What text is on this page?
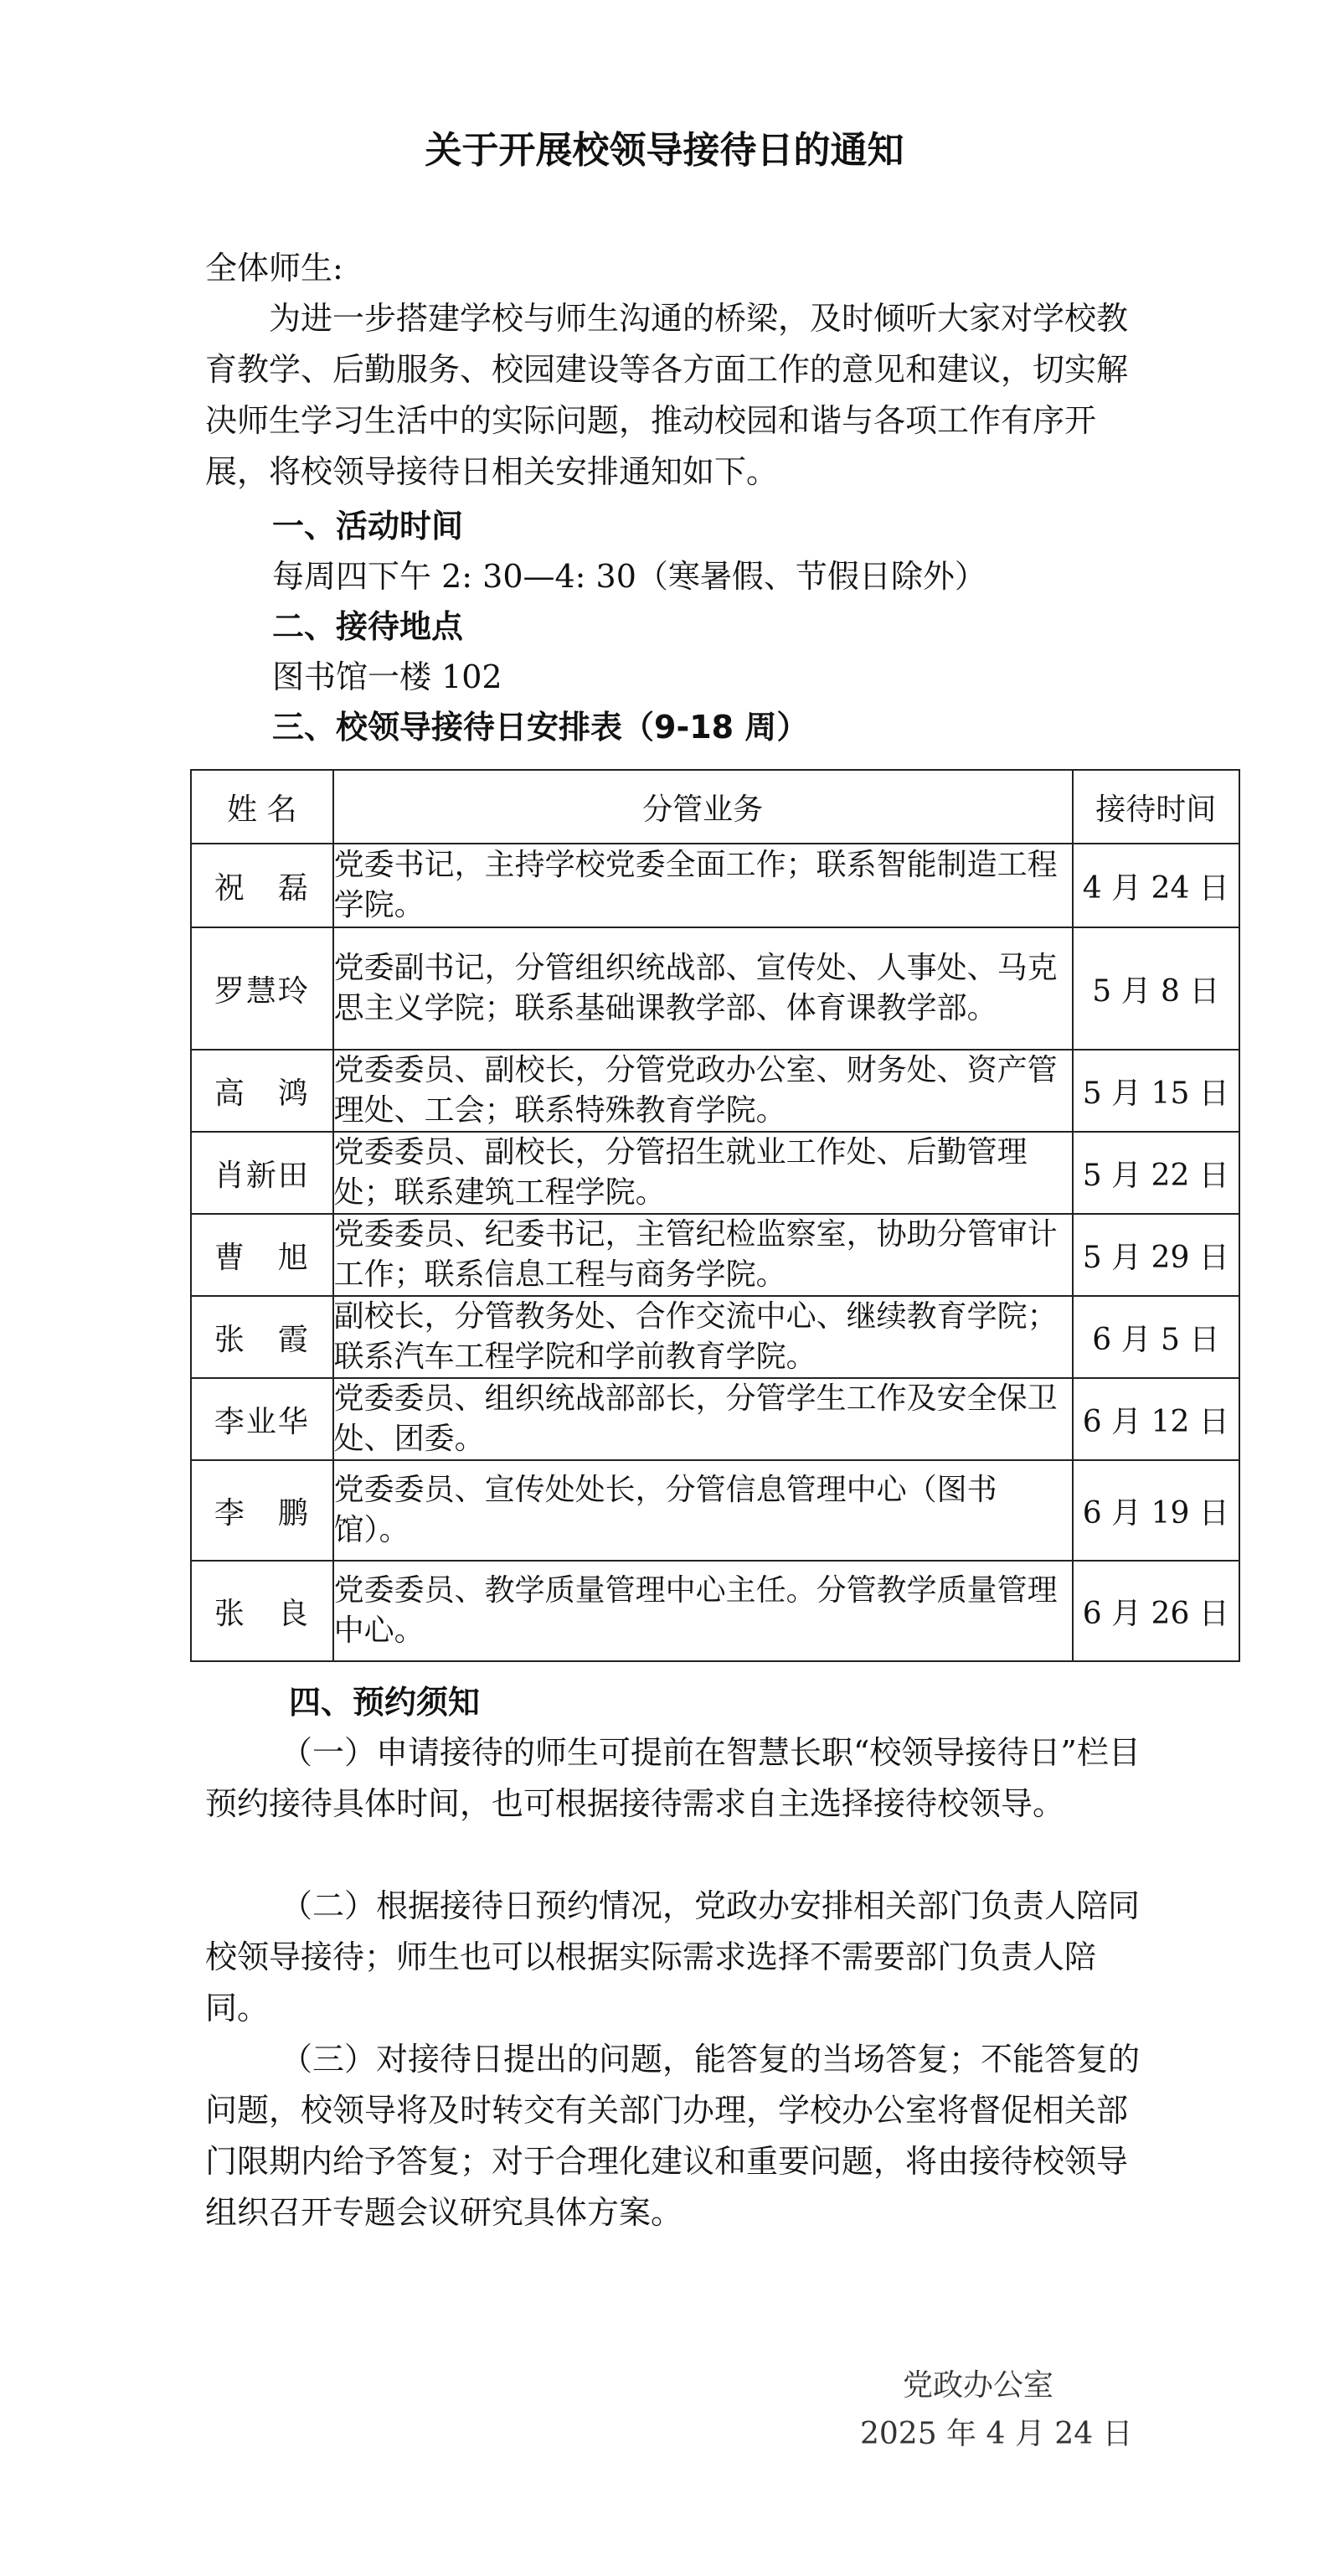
关于开展校领导接待日的通知
全体师生:
为进一步搭建学校与师生沟通的桥梁，及时倾听大家对学校教育教学、后勤服务、校园建设等各方面工作的意见和建议，切实解决师生学习生活中的实际问题，推动校园和谐与各项工作有序开展，将校领导接待日相关安排通知如下。
一、活动时间
每周四下午 2: 30—4: 30（寒暑假、节假日除外）
二、接待地点
图书馆一楼 102
三、校领导接待日安排表（9-18 周）
姓 名	分管业务	接待时间
祝　磊	党委书记，主持学校党委全面工作；联系智能制造工程学院。	4 月 24 日
罗慧玲	党委副书记，分管组织统战部、宣传处、人事处、马克思主义学院；联系基础课教学部、体育课教学部。	5 月 8 日
高　鸿	党委委员、副校长，分管党政办公室、财务处、资产管理处、工会；联系特殊教育学院。	5 月 15 日
肖新田	党委委员、副校长，分管招生就业工作处、后勤管理处；联系建筑工程学院。	5 月 22 日
曹　旭	党委委员、纪委书记，主管纪检监察室，协助分管审计工作；联系信息工程与商务学院。	5 月 29 日
张　霞	副校长，分管教务处、合作交流中心、继续教育学院；联系汽车工程学院和学前教育学院。	6 月 5 日
李业华	党委委员、组织统战部部长，分管学生工作及安全保卫处、团委。	6 月 12 日
李　鹏	党委委员、宣传处处长，分管信息管理中心（图书馆）。	6 月 19 日
张　良	党委委员、教学质量管理中心主任。分管教学质量管理中心。	6 月 26 日
四、预约须知
（一）申请接待的师生可提前在智慧长职“校领导接待日”栏目预约接待具体时间，也可根据接待需求自主选择接待校领导。
（二）根据接待日预约情况，党政办安排相关部门负责人陪同校领导接待；师生也可以根据实际需求选择不需要部门负责人陪同。
（三）对接待日提出的问题，能答复的当场答复；不能答复的问题，校领导将及时转交有关部门办理，学校办公室将督促相关部门限期内给予答复；对于合理化建议和重要问题，将由接待校领导组织召开专题会议研究具体方案。
党政办公室
2025 年 4 月 24 日
